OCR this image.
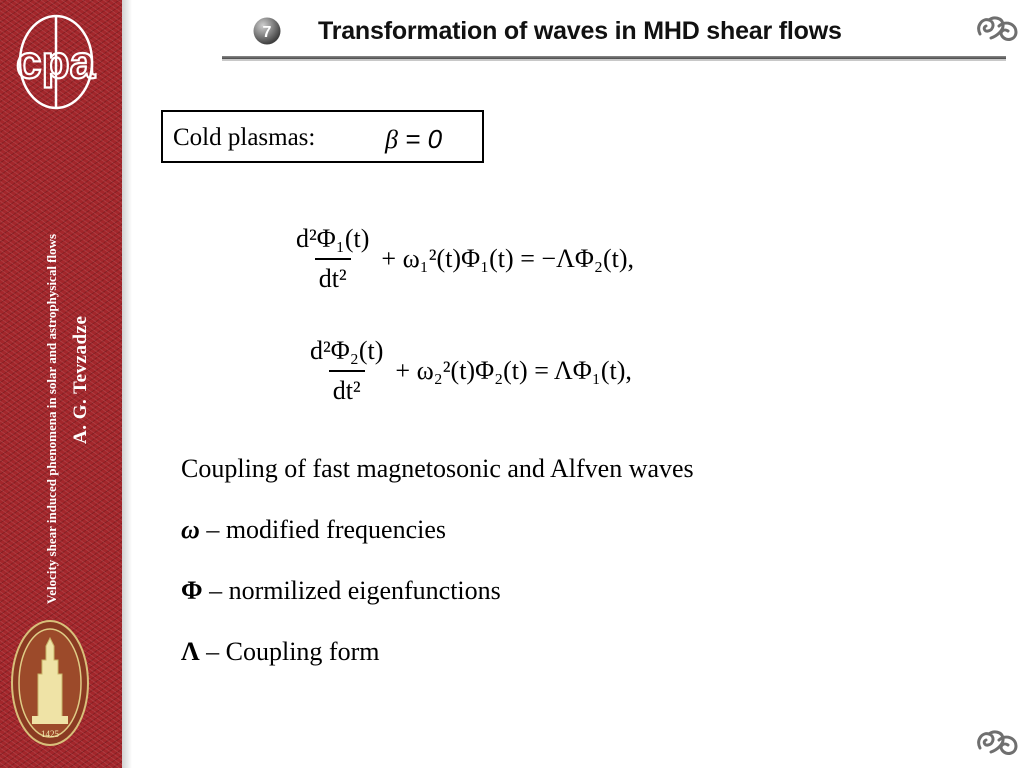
cpa
Velocity shear induced phenomena in solar and astrophysical flows A. G. Tevzadze
1425
7 Transformation of waves in MHD shear flows
Cold plasmas:	β = 0
$\frac{\text{d²Φ₁(t)}}{\text{dt²}} + \omega_1^2(t)\Phi_1(t) = -\Lambda\Phi_2(t)$,
$\frac{\text{d²Φ₂(t)}}{\text{dt²}} + \omega_2^2(t)\Phi_2(t) = \Lambda\Phi_1(t)$,
Coupling of fast magnetosonic and Alfven waves
ω – modified frequencies
Φ – normilized eigenfunctions
Λ – Coupling form
